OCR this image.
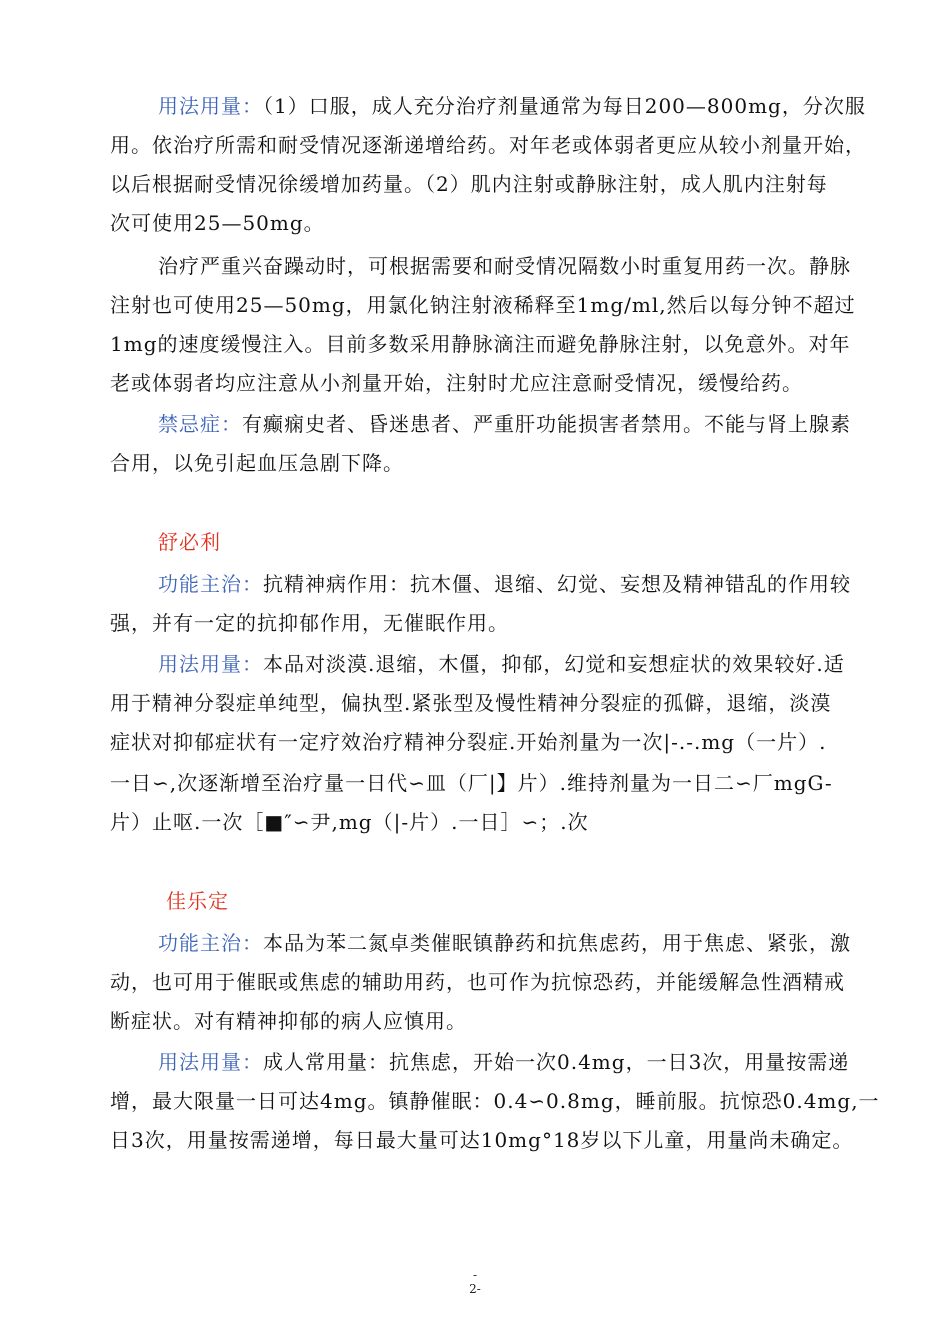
用法用量：（1）口服，成人充分治疗剂量通常为每日200—800mg，分次服
用。依治疗所需和耐受情况逐渐递增给药。对年老或体弱者更应从较小剂量开始，
以后根据耐受情况徐缓增加药量。（2）肌内注射或静脉注射，成人肌内注射每
次可使用25—50mg。
治疗严重兴奋躁动时，可根据需要和耐受情况隔数小时重复用药一次。静脉
注射也可使用25—50mg，用氯化钠注射液稀释至1mg/ml,然后以每分钟不超过
1mg的速度缓慢注入。目前多数采用静脉滴注而避免静脉注射，以免意外。对年
老或体弱者均应注意从小剂量开始，注射时尤应注意耐受情况，缓慢给药。
禁忌症：有癫痫史者、昏迷患者、严重肝功能损害者禁用。不能与肾上腺素
合用，以免引起血压急剧下降。
舒必利
功能主治：抗精神病作用：抗木僵、退缩、幻觉、妄想及精神错乱的作用较
强，并有一定的抗抑郁作用，无催眠作用。
用法用量：本品对淡漠.退缩，木僵，抑郁，幻觉和妄想症状的效果较好.适
用于精神分裂症单纯型，偏执型.紧张型及慢性精神分裂症的孤僻，退缩，淡漠
症状对抑郁症状有一定疗效治疗精神分裂症.开始剂量为一次|-.-.mg（一片）.
一日∽,次逐渐增至治疗量一日代∽皿（厂|】片）.维持剂量为一日二∽厂mgG-
片）止呕.一次［■″∽尹,mg（|-片）.一日］∽；.次
佳乐定
功能主治：本品为苯二氮卓类催眠镇静药和抗焦虑药，用于焦虑、紧张，激
动，也可用于催眠或焦虑的辅助用药，也可作为抗惊恐药，并能缓解急性酒精戒
断症状。对有精神抑郁的病人应慎用。
用法用量：成人常用量：抗焦虑，开始一次0.4mg，一日3次，用量按需递
增，最大限量一日可达4mg。镇静催眠：0.4∽0.8mg，睡前服。抗惊恐0.4mg,一
日3次，用量按需递增，每日最大量可达10mg°18岁以下儿童，用量尚未确定。
-
2-
